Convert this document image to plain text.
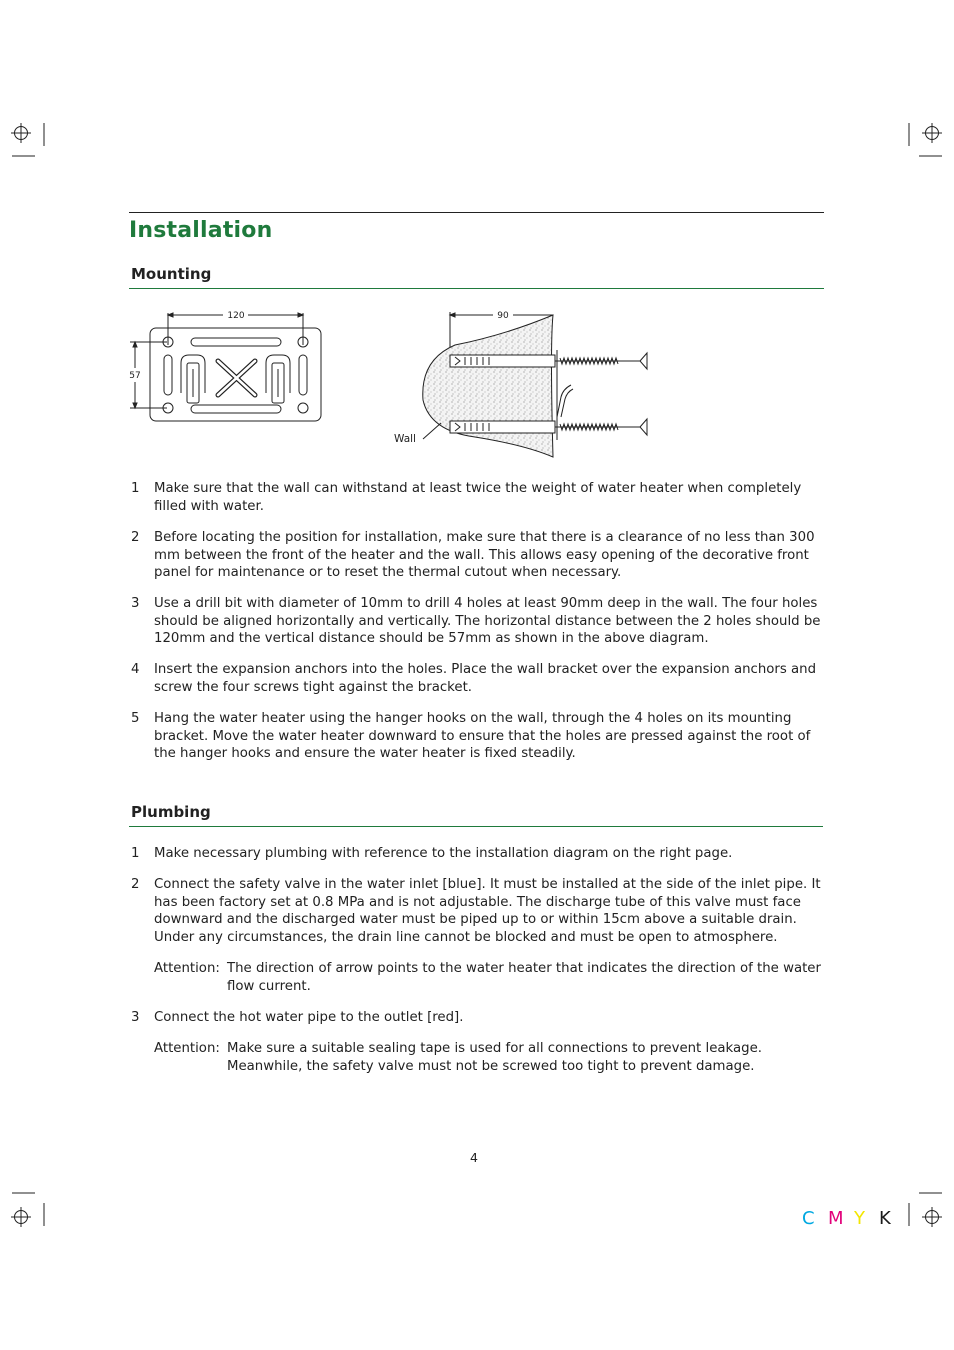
Installation
Mounting
120
57
90
Wall
1	Make sure that the wall can withstand at least twice the weight of water heater when completely filled with water.
2	Before locating the position for installation, make sure that there is a clearance of no less than 300 mm between the front of the heater and the wall. This allows easy opening of the decorative front panel for maintenance or to reset the thermal cutout when necessary.
3	Use a drill bit with diameter of 10mm to drill 4 holes at least 90mm deep in the wall. The four holes should be aligned horizontally and vertically. The horizontal distance between the 2 holes should be 120mm and the vertical distance should be 57mm as shown in the above diagram.
4	Insert the expansion anchors into the holes. Place the wall bracket over the expansion anchors and screw the four screws tight against the bracket.
5	Hang the water heater using the hanger hooks on the wall, through the 4 holes on its mounting bracket. Move the water heater downward to ensure that the holes are pressed against the root of the hanger hooks and ensure the water heater is fixed steadily.
Plumbing
1	Make necessary plumbing with reference to the installation diagram on the right page.
2	Connect the safety valve in the water inlet [blue]. It must be installed at the side of the inlet pipe. It has been factory set at 0.8 MPa and is not adjustable. The discharge tube of this valve must face downward and the discharged water must be piped up to or within 15cm above a suitable drain. Under any circumstances, the drain line cannot be blocked and must be open to atmosphere.
Attention: The direction of arrow points to the water heater that indicates the direction of the water flow current.
3	Connect the hot water pipe to the outlet [red].
Attention: Make sure a suitable sealing tape is used for all connections to prevent leakage. Meanwhile, the safety valve must not be screwed too tight to prevent damage.
4
C M Y K
